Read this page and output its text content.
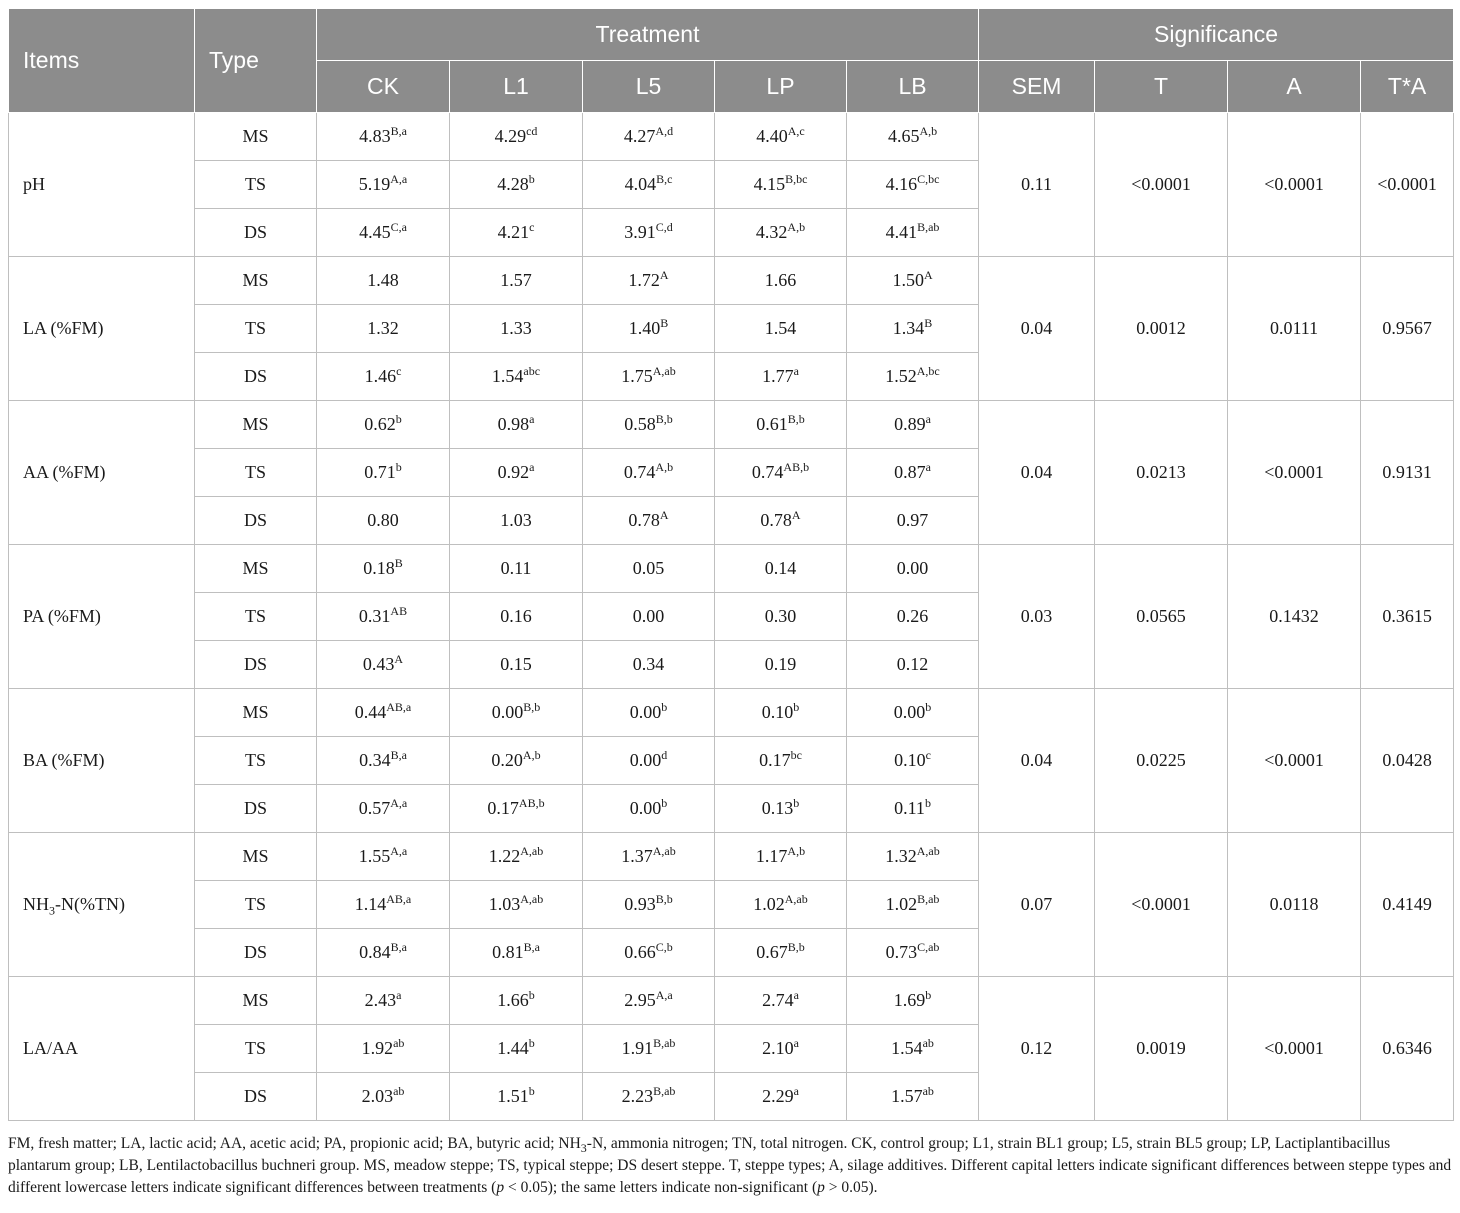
Items	Type	Treatment					Significance			
		CK	L1	L5	LP	LB	SEM	T	A	T*A
pH	MS	$4.83^{B,a}$	4.29$^{cd}$	$4.27^{A,d}$	$4.40^{A,c}$	$4.65^{A,b}$	0.11	<0.0001	<0.0001	<0.0001
	TS	$5.19^{A,a}$	4.28$^b$	$4.04^{B,c}$	$4.15^{B,bc}$	$4.16^{C,bc}$
	DS	$4.45^{C,a}$	4.21$^c$	$3.91^{C,d}$	$4.32^{A,b}$	$4.41^{B,ab}$
LA (%FM)	MS	1.48	1.57	$1.72^A$	1.66	$1.50^A$	0.04	0.0012	0.0111	0.9567
	TS	1.32	1.33	$1.40^B$	1.54	$1.34^B$
	DS	1.46$^c$	1.54$^{abc}$	$1.75^{A,ab}$	1.77$^a$	$1.52^{A,bc}$
AA (%FM)	MS	0.62$^b$	0.98$^a$	$0.58^{B,b}$	$0.61^{B,b}$	0.89$^a$	0.04	0.0213	<0.0001	0.9131
	TS	0.71$^b$	0.92$^a$	$0.74^{A,b}$	$0.74^{AB,b}$	0.87$^a$
	DS	0.80	1.03	$0.78^A$	$0.78^A$	0.97				
PA (%FM)	MS	$0.18^B$	0.11	0.05	0.14	0.00	0.03	0.0565	0.1432	0.3615
	TS	$0.31^{AB}$	0.16	0.00	0.30	0.26				
	DS	$0.43^A$	0.15	0.34	0.19	0.12				
BA (%FM)	MS	$0.44^{AB,a}$	$0.00^{B,b}$	0.00$^b$	0.10$^b$	0.00$^b$	0.04	0.0225	<0.0001	0.0428
	TS	$0.34^{B,a}$	$0.20^{A,b}$	0.00$^d$	0.17$^{bc}$	0.10$^c$
	DS	$0.57^{A,a}$	$0.17^{AB,b}$	0.00$^b$	0.13$^b$	0.11$^b$
$NH_3-N(\%TN)$	MS	$1.55^{A,a}$	$1.22^{A,ab}$	$1.37^{A,ab}$	$1.17^{A,b}$	$1.32^{A,ab}$	0.07	<0.0001	0.0118	0.4149
	TS	$1.14^{AB,a}$	$1.03^{A,ab}$	$0.93^{B,b}$	$1.02^{A,ab}$	$1.02^{B,ab}$
	DS	$0.84^{B,a}$	$0.81^{B,a}$	$0.66^{C,b}$	$0.67^{B,b}$	$0.73^{C,ab}$
LA/AA	MS	2.43$^a$	1.66$^b$	$2.95^{A,a}$	2.74$^a$	1.69$^b$	0.12	0.0019	<0.0001	0.6346
	TS	1.92$^{ab}$	1.44$^b$	$1.91^{B,ab}$	2.10$^a$	1.54$^{ab}$
	DS	2.03$^{ab}$	1.51$^b$	$2.23^{B,ab}$	2.29$^a$	1.57$^{ab}$
FM, fresh matter; LA, lactic acid; AA, acetic acid; PA, propionic acid; BA, butyric acid; $NH_3-N$, ammonia nitrogen; TN, total nitrogen. CK, control group; L1, strain BL1 group; L5, strain BL5 group; LP, Lactiplantibacillus plantarum group; LB, Lentilactobacillus buchneri group. MS, meadow steppe; TS, typical steppe; DS desert steppe. T, steppe types; A, silage additives. Different capital letters indicate significant differences between steppe types and different lowercase letters indicate significant differences between treatments (p < 0.05); the same letters indicate non-significant (p > 0.05).
